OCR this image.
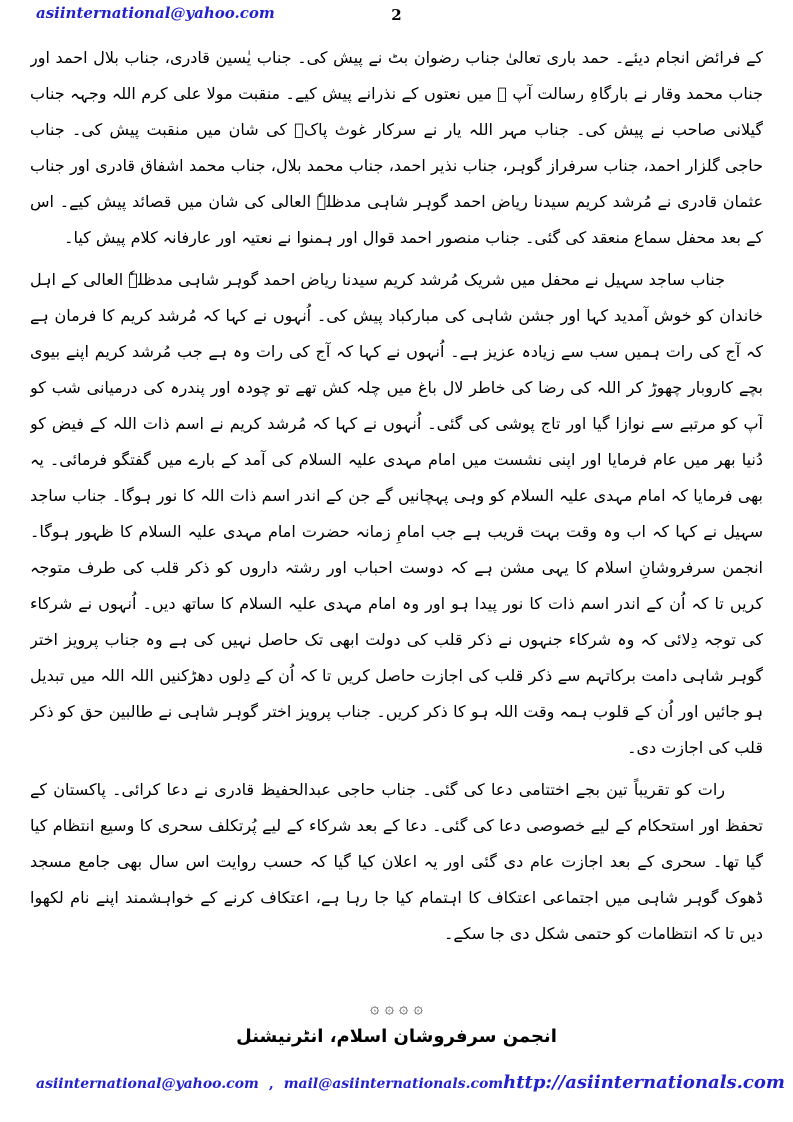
asiinternational@yahoo.com	2

کے فرائض انجام دیئے۔ حمد باری تعالیٰ جناب رضوان بٹ نے پیش کی۔ جناب یٰسین قادری، جناب بلال احمد اور جناب محمد وقار نے بارگاہِ رسالت آپ ﷺ میں نعتوں کے نذرانے پیش کیے۔ منقبت مولا علی کرم اللہ وجہہ جناب گیلانی صاحب نے پیش کی۔ جناب مہر اللہ یار نے سرکار غوث پاکؒ کی شان میں منقبت پیش کی۔ جناب حاجی گلزار احمد، جناب سرفراز گوہر، جناب نذیر احمد، جناب محمد بلال، جناب محمد اشفاق قادری اور جناب عثمان قادری نے مُرشد کریم سیدنا ریاض احمد گوہر شاہی مدظلہٗ العالی کی شان میں قصائد پیش کیے۔ اس کے بعد محفل سماع منعقد کی گئی۔ جناب منصور احمد قوال اور ہمنوا نے نعتیہ اور عارفانہ کلام پیش کیا۔

جناب ساجد سہیل نے محفل میں شریک مُرشد کریم سیدنا ریاض احمد گوہر شاہی مدظلہٗ العالی کے اہل خاندان کو خوش آمدید کہا اور جشن شاہی کی مبارکباد پیش کی۔ اُنہوں نے کہا کہ مُرشد کریم کا فرمان ہے کہ آج کی رات ہمیں سب سے زیادہ عزیز ہے۔ اُنہوں نے کہا کہ آج کی رات وہ ہے جب مُرشد کریم اپنے بیوی بچے کاروبار چھوڑ کر اللہ کی رضا کی خاطر لال باغ میں چلہ کش تھے تو چودہ اور پندرہ کی درمیانی شب کو آپ کو مرتبے سے نوازا گیا اور تاج پوشی کی گئی۔ اُنہوں نے کہا کہ مُرشد کریم نے اسم ذات اللہ کے فیض کو دُنیا بھر میں عام فرمایا اور اپنی نشست میں امام مہدی علیہ السلام کی آمد کے بارے میں گفتگو فرمائی۔ یہ بھی فرمایا کہ امام مہدی علیہ السلام کو وہی پہچانیں گے جن کے اندر اسم ذات اللہ کا نور ہوگا۔ جناب ساجد سہیل نے کہا کہ اب وہ وقت بہت قریب ہے جب امامِ زمانہ حضرت امام مہدی علیہ السلام کا ظہور ہوگا۔ انجمن سرفروشانِ اسلام کا یہی مشن ہے کہ دوست احباب اور رشتہ داروں کو ذکر قلب کی طرف متوجہ کریں تا کہ اُن کے اندر اسم ذات کا نور پیدا ہو اور وہ امام مہدی علیہ السلام کا ساتھ دیں۔ اُنہوں نے شرکاء کی توجہ دِلائی کہ وہ شرکاء جنہوں نے ذکر قلب کی دولت ابھی تک حاصل نہیں کی ہے وہ جناب پرویز اختر گوہر شاہی دامت برکاتہم سے ذکر قلب کی اجازت حاصل کریں تا کہ اُن کے دِلوں دھڑکنیں اللہ اللہ میں تبدیل ہو جائیں اور اُن کے قلوب ہمہ وقت اللہ ہو کا ذکر کریں۔ جناب پرویز اختر گوہر شاہی نے طالبین حق کو ذکر قلب کی اجازت دی۔

رات کو تقریباً تین بجے اختتامی دعا کی گئی۔ جناب حاجی عبدالحفیظ قادری نے دعا کرائی۔ پاکستان کے تحفظ اور استحکام کے لیے خصوصی دعا کی گئی۔ دعا کے بعد شرکاء کے لیے پُرتکلف سحری کا وسیع انتظام کیا گیا تھا۔ سحری کے بعد اجازت عام دی گئی اور یہ اعلان کیا گیا کہ حسب روایت اس سال بھی جامع مسجد ڈھوک گوہر شاہی میں اجتماعی اعتکاف کا اہتمام کیا جا رہا ہے، اعتکاف کرنے کے خواہشمند اپنے نام لکھوا دیں تا کہ انتظامات کو حتمی شکل دی جا سکے۔

۞ ۞ ۞ ۞
انجمن سرفروشان اسلام، انٹرنیشنل
asiinternational@yahoo.com , mail@asiinternationals.com http://asiinternationals.com
